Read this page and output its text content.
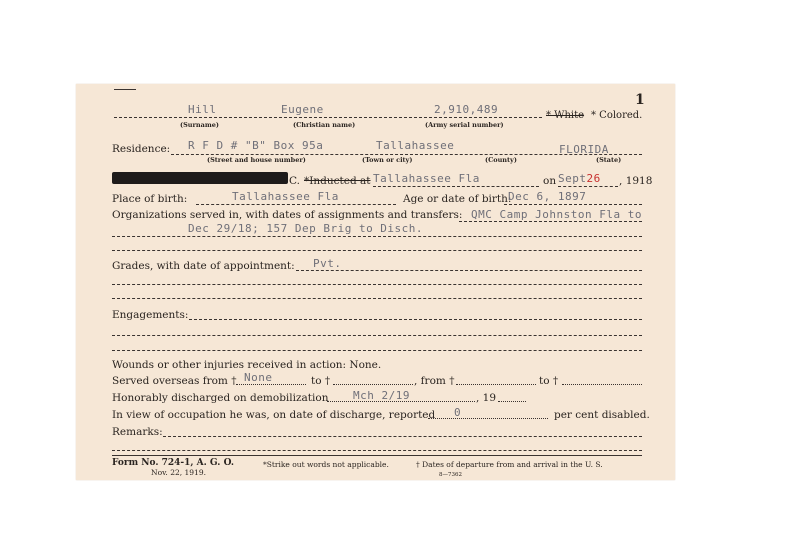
1
Hill	Eugene	2,910,489	* White * Colored.
(Surname)	(Christian name)	(Army serial number)
Residence: R F D # "B" Box 95a	Tallahassee	FLORIDA
(Street and house number)	(Town or city)	(County)	(State)
C. *Inducted at Tallahassee Fla	on Sept26 , 1918
Place of birth:	Tallahassee Fla	Age or date of birth:
Dec 6, 1897
Organizations served in, with dates of assignments and transfers: QMC Camp Johnston Fla to
Dec 29/18; 157 Dep Brig to Disch.
Grades, with date of appointment: Pvt.
Engagements:
Wounds or other injuries received in action: None.
Served overseas from † None	to †	, from †	to †
Honorably discharged on demobilization Mch 2/19	, 19
In view of occupation he was, on date of discharge, reported 0	per cent disabled.
Remarks:
Form No. 724-1, A. G. O.
Nov. 22, 1919.
*Strike out words not applicable.	† Dates of departure from and arrival in the U. S.
8—7362
